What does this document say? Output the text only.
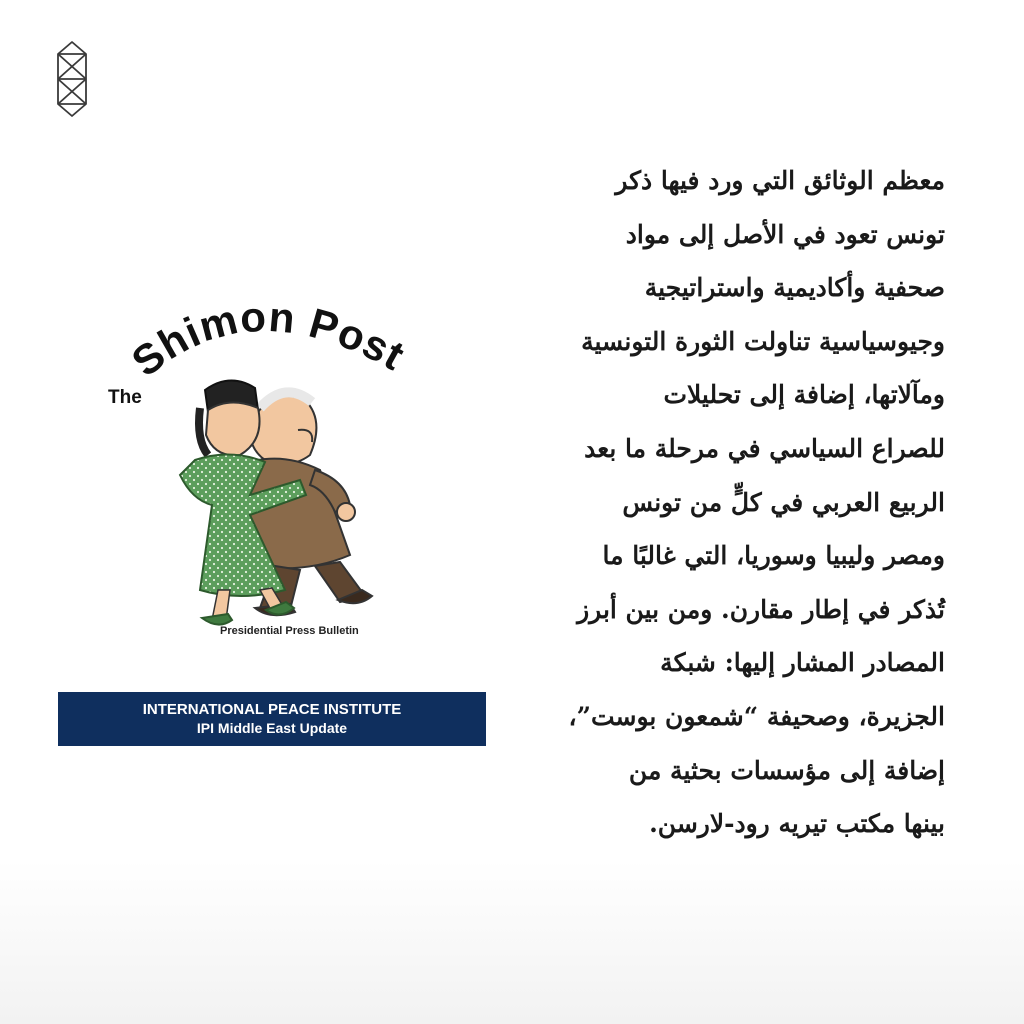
معظم الوثائق التي ورد فيها ذكر
تونس تعود في الأصل إلى مواد
صحفية وأكاديمية واستراتيجية
وجيوسياسية تناولت الثورة التونسية
ومآلاتها، إضافة إلى تحليلات
للصراع السياسي في مرحلة ما بعد
الربيع العربي في كلٍّ من تونس
ومصر وليبيا وسوريا، التي غالبًا ما
تُذكر في إطار مقارن. ومن بين أبرز
المصادر المشار إليها: شبكة
الجزيرة، وصحيفة “شمعون بوست”،
إضافة إلى مؤسسات بحثية من
بينها مكتب تيريه رود-لارسن.
The
Shimon Post
Presidential Press Bulletin
INTERNATIONAL PEACE INSTITUTE
IPI Middle East Update
